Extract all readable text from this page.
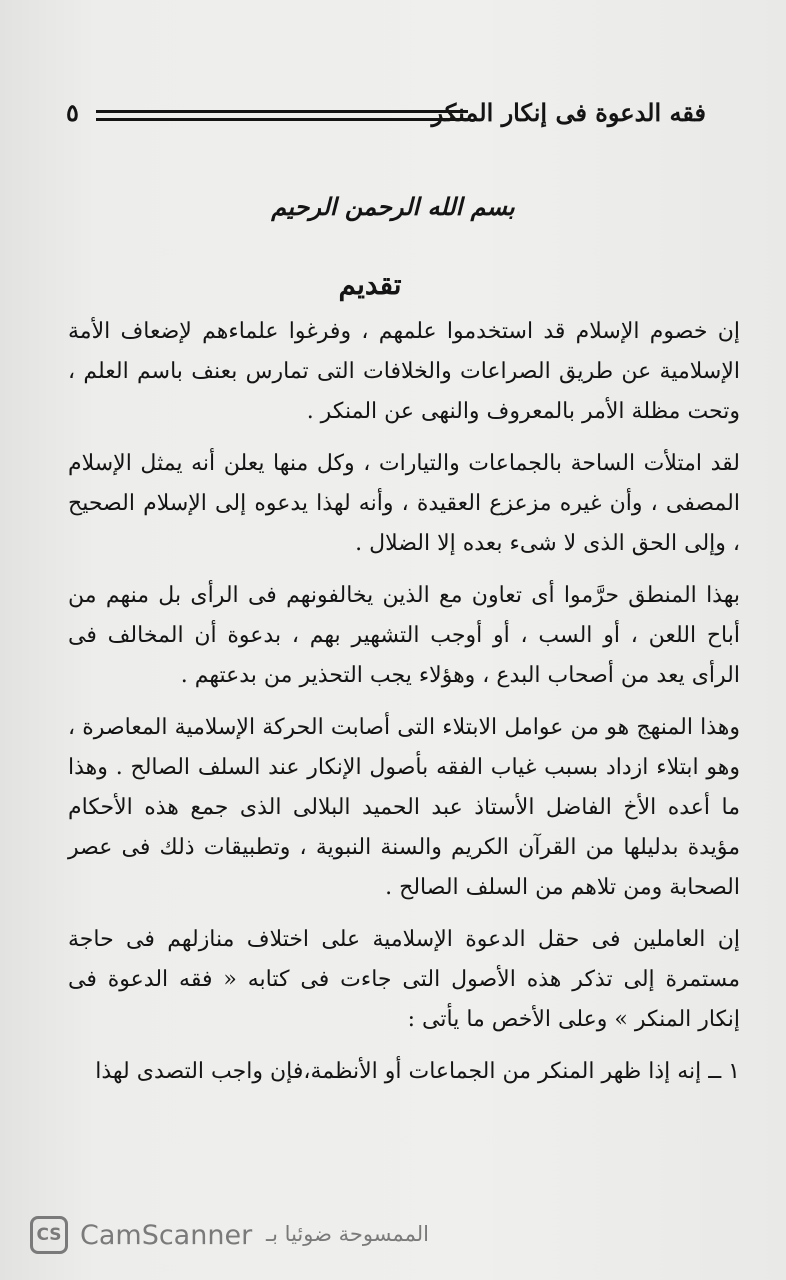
فقه الدعوة فى إنكار المنكر
٥
بسم الله الرحمن الرحيم
تقديم

إن خصوم الإسلام قد استخدموا علمهم ، وفرغوا علماءهم لإضعاف الأمة الإسلامية عن طريق الصراعات والخلافات التى تمارس بعنف باسم العلم ، وتحت مظلة الأمر بالمعروف والنهى عن المنكر .

لقد امتلأت الساحة بالجماعات والتيارات ، وكل منها يعلن أنه يمثل الإسلام المصفى ، وأن غيره مزعزع العقيدة ، وأنه لهذا يدعوه إلى الإسلام الصحيح ، وإلى الحق الذى لا شىء بعده إلا الضلال .

بهذا المنطق حرَّموا أى تعاون مع الذين يخالفونهم فى الرأى بل منهم من أباح اللعن ، أو السب ، أو أوجب التشهير بهم ، بدعوة أن المخالف فى الرأى يعد من أصحاب البدع ، وهؤلاء يجب التحذير من بدعتهم .

وهذا المنهج هو من عوامل الابتلاء التى أصابت الحركة الإسلامية المعاصرة ، وهو ابتلاء ازداد بسبب غياب الفقه بأصول الإنكار عند السلف الصالح . وهذا ما أعده الأخ الفاضل الأستاذ عبد الحميد البلالى الذى جمع هذه الأحكام مؤيدة بدليلها من القرآن الكريم والسنة النبوية ، وتطبيقات ذلك فى عصر الصحابة ومن تلاهم من السلف الصالح .

إن العاملين فى حقل الدعوة الإسلامية على اختلاف منازلهم فى حاجة مستمرة إلى تذكر هذه الأصول التى جاءت فى كتابه « فقه الدعوة فى إنكار المنكر » وعلى الأخص ما يأتى :

١ ــ إنه إذا ظهر المنكر من الجماعات أو الأنظمة،فإن واجب التصدى لهذا

CS CamScanner الممسوحة ضوئيا بـ
